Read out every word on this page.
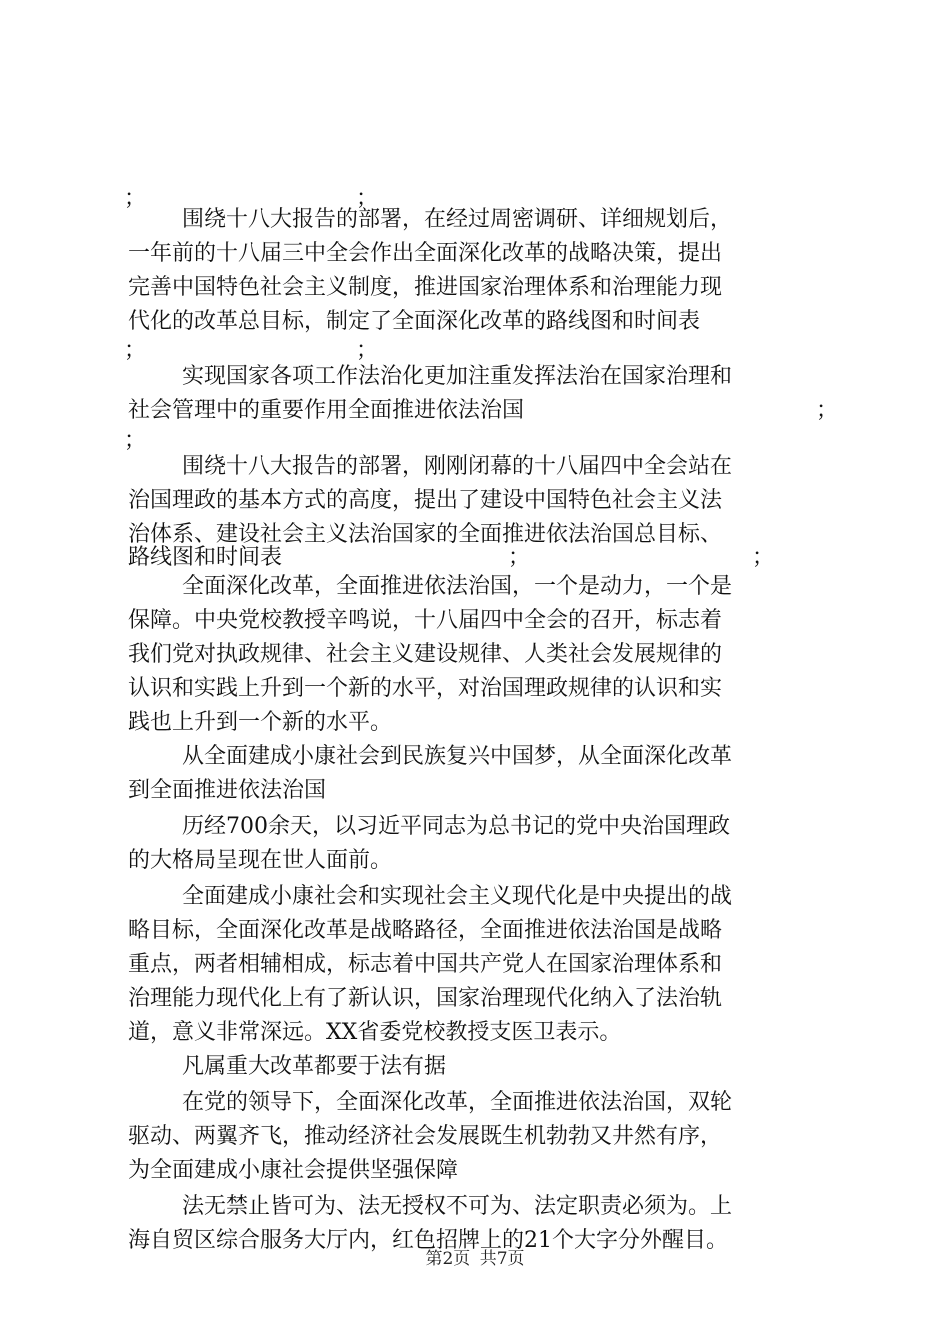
；	；
围绕十八大报告的部署，在经过周密调研、详细规划后，
一年前的十八届三中全会作出全面深化改革的战略决策，提出
完善中国特色社会主义制度，推进国家治理体系和治理能力现
代化的改革总目标，制定了全面深化改革的路线图和时间表
；	；
实现国家各项工作法治化更加注重发挥法治在国家治理和
社会管理中的重要作用全面推进依法治国	；
；
围绕十八大报告的部署，刚刚闭幕的十八届四中全会站在
治国理政的基本方式的高度，提出了建设中国特色社会主义法
治体系、建设社会主义法治国家的全面推进依法治国总目标、
路线图和时间表	；	；
全面深化改革，全面推进依法治国，一个是动力，一个是
保障。中央党校教授辛鸣说，十八届四中全会的召开，标志着
我们党对执政规律、社会主义建设规律、人类社会发展规律的
认识和实践上升到一个新的水平，对治国理政规律的认识和实
践也上升到一个新的水平。
从全面建成小康社会到民族复兴中国梦，从全面深化改革
到全面推进依法治国
历经700余天，以习近平同志为总书记的党中央治国理政
的大格局呈现在世人面前。
全面建成小康社会和实现社会主义现代化是中央提出的战
略目标，全面深化改革是战略路径，全面推进依法治国是战略
重点，两者相辅相成，标志着中国共产党人在国家治理体系和
治理能力现代化上有了新认识，国家治理现代化纳入了法治轨
道，意义非常深远。XX省委党校教授支医卫表示。
凡属重大改革都要于法有据
在党的领导下，全面深化改革，全面推进依法治国，双轮
驱动、两翼齐飞，推动经济社会发展既生机勃勃又井然有序，
为全面建成小康社会提供坚强保障
法无禁止皆可为、法无授权不可为、法定职责必须为。上
海自贸区综合服务大厅内，红色招牌上的21个大字分外醒目。
第2页 共7页
